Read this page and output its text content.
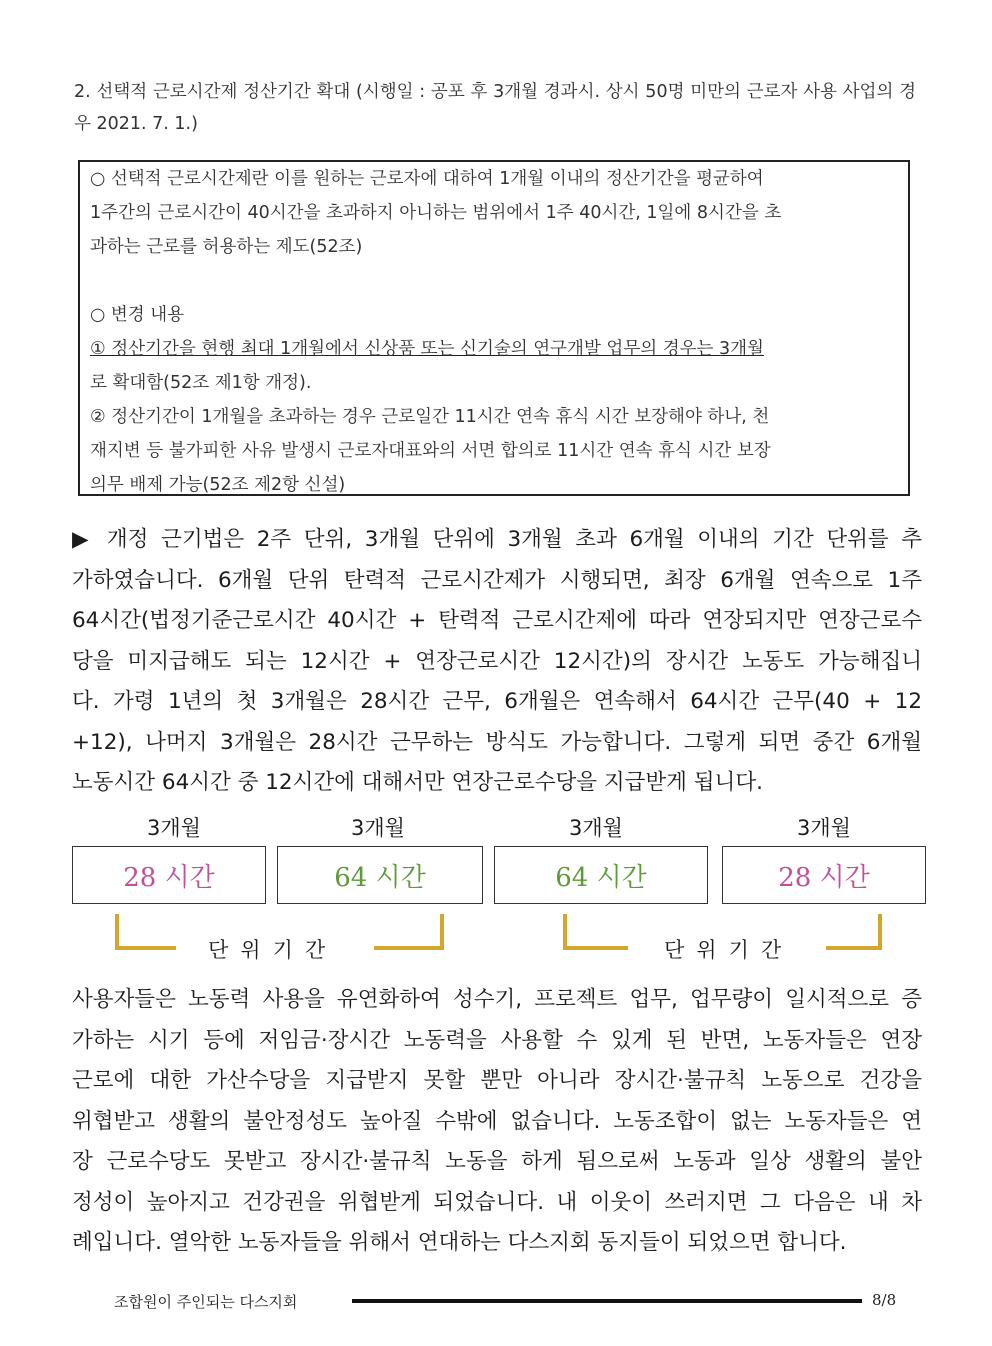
2. 선택적 근로시간제 정산기간 확대 (시행일 : 공포 후 3개월 경과시. 상시 50명 미만의 근로자 사용 사업의 경우 2021. 7. 1.)
○ 선택적 근로시간제란 이를 원하는 근로자에 대하여 1개월 이내의 정산기간을 평균하여
1주간의 근로시간이 40시간을 초과하지 아니하는 범위에서 1주 40시간, 1일에 8시간을 초
과하는 근로를 허용하는 제도(52조)
○ 변경 내용
① 정산기간을 현행 최대 1개월에서 신상품 또는 신기술의 연구개발 업무의 경우는 3개월
로 확대함(52조 제1항 개정).
② 정산기간이 1개월을 초과하는 경우 근로일간 11시간 연속 휴식 시간 보장해야 하나, 천
재지변 등 불가피한 사유 발생시 근로자대표와의 서면 합의로 11시간 연속 휴식 시간 보장
의무 배제 가능(52조 제2항 신설)
▶ 개정 근기법은 2주 단위, 3개월 단위에 3개월 초과 6개월 이내의 기간 단위를 추
가하였습니다. 6개월 단위 탄력적 근로시간제가 시행되면, 최장 6개월 연속으로 1주
64시간(법정기준근로시간 40시간 + 탄력적 근로시간제에 따라 연장되지만 연장근로수
당을 미지급해도 되는 12시간 + 연장근로시간 12시간)의 장시간 노동도 가능해집니
다. 가령 1년의 첫 3개월은 28시간 근무, 6개월은 연속해서 64시간 근무(40 + 12
+12), 나머지 3개월은 28시간 근무하는 방식도 가능합니다. 그렇게 되면 중간 6개월
노동시간 64시간 중 12시간에 대해서만 연장근로수당을 지급받게 됩니다.
3개월	3개월	3개월	3개월
28 시간	64 시간	64 시간	28 시간
단위기간	단위기간
사용자들은 노동력 사용을 유연화하여 성수기, 프로젝트 업무, 업무량이 일시적으로 증
가하는 시기 등에 저임금·장시간 노동력을 사용할 수 있게 된 반면, 노동자들은 연장
근로에 대한 가산수당을 지급받지 못할 뿐만 아니라 장시간·불규칙 노동으로 건강을
위협받고 생활의 불안정성도 높아질 수밖에 없습니다. 노동조합이 없는 노동자들은 연
장 근로수당도 못받고 장시간·불규칙 노동을 하게 됨으로써 노동과 일상 생활의 불안
정성이 높아지고 건강권을 위협받게 되었습니다. 내 이웃이 쓰러지면 그 다음은 내 차
례입니다. 열악한 노동자들을 위해서 연대하는 다스지회 동지들이 되었으면 합니다.
조합원이 주인되는 다스지회	8/8
